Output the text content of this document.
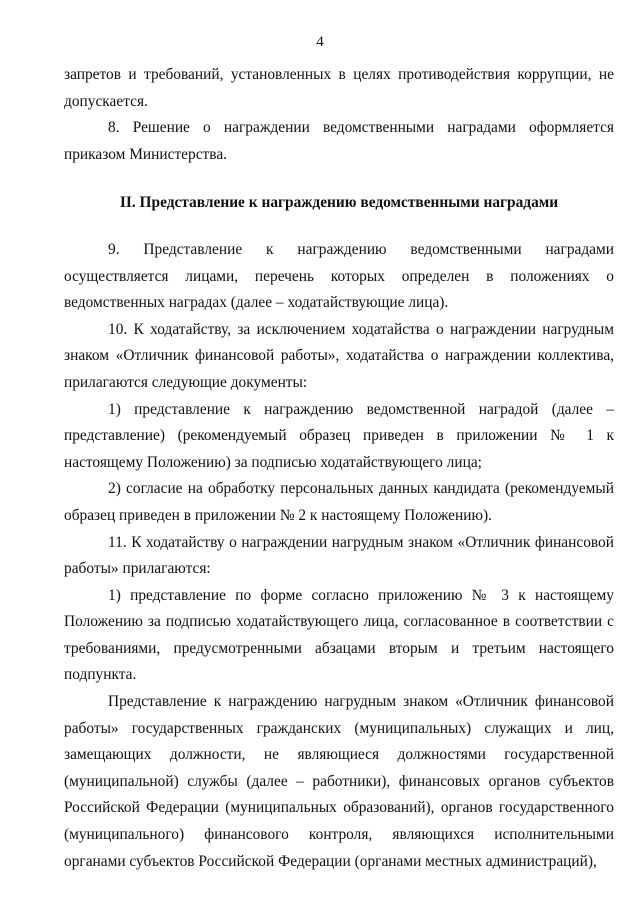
4

запретов и требований, установленных в целях противодействия коррупции, не допускается.

8. Решение о награждении ведомственными наградами оформляется приказом Министерства.

II. Представление к награждению ведомственными наградами

9. Представление к награждению ведомственными наградами осуществляется лицами, перечень которых определен в положениях о ведомственных наградах (далее – ходатайствующие лица).

10. К ходатайству, за исключением ходатайства о награждении нагрудным знаком «Отличник финансовой работы», ходатайства о награждении коллектива, прилагаются следующие документы:

1) представление к награждению ведомственной наградой (далее – представление) (рекомендуемый образец приведен в приложении № 1 к настоящему Положению) за подписью ходатайствующего лица;

2) согласие на обработку персональных данных кандидата (рекомендуемый образец приведен в приложении № 2 к настоящему Положению).

11. К ходатайству о награждении нагрудным знаком «Отличник финансовой работы» прилагаются:

1) представление по форме согласно приложению № 3 к настоящему Положению за подписью ходатайствующего лица, согласованное в соответствии с требованиями, предусмотренными абзацами вторым и третьим настоящего подпункта.

Представление к награждению нагрудным знаком «Отличник финансовой работы» государственных гражданских (муниципальных) служащих и лиц, замещающих должности, не являющиеся должностями государственной (муниципальной) службы (далее – работники), финансовых органов субъектов Российской Федерации (муниципальных образований), органов государственного (муниципального) финансового контроля, являющихся исполнительными органами субъектов Российской Федерации (органами местных администраций),
